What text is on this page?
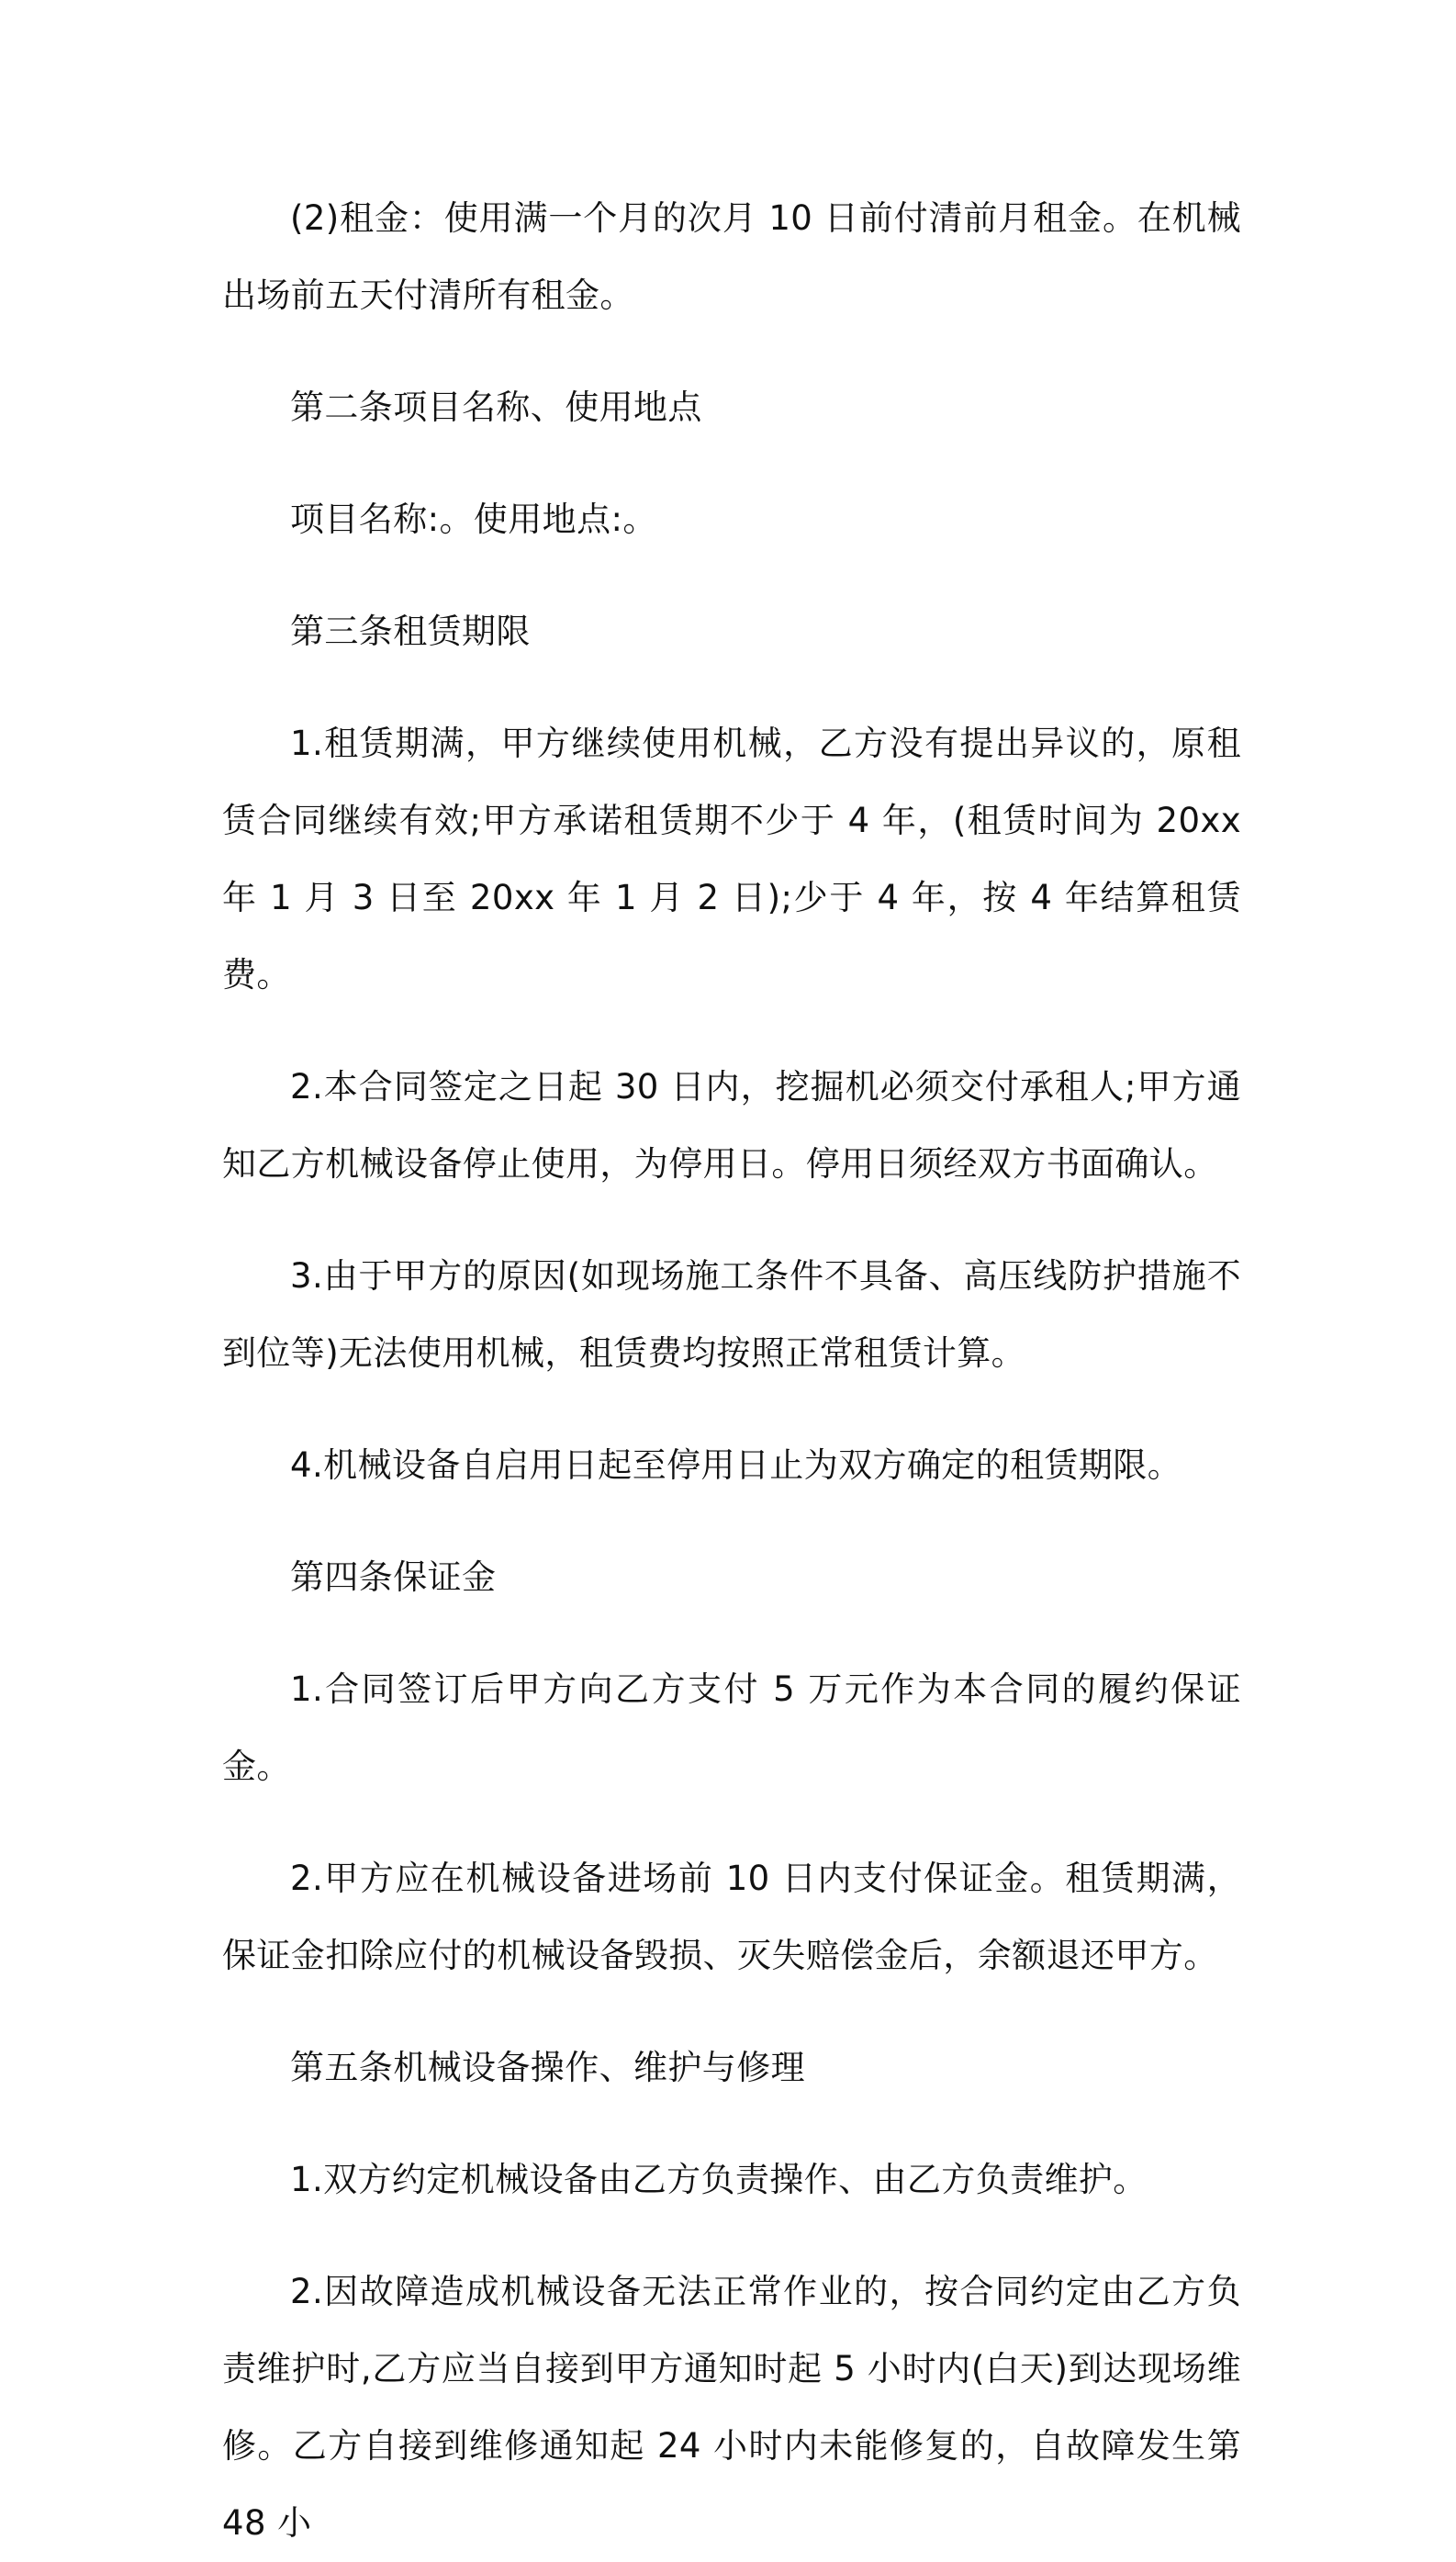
(2)租金：使用满一个月的次月 10 日前付清前月租金。在机械出场前五天付清所有租金。

第二条项目名称、使用地点

项目名称:。使用地点:。

第三条租赁期限

1.租赁期满，甲方继续使用机械，乙方没有提出异议的，原租赁合同继续有效;甲方承诺租赁期不少于 4 年，(租赁时间为 20xx 年 1 月 3 日至 20xx 年 1 月 2 日);少于 4 年，按 4 年结算租赁费。

2.本合同签定之日起 30 日内，挖掘机必须交付承租人;甲方通知乙方机械设备停止使用，为停用日。停用日须经双方书面确认。

3.由于甲方的原因(如现场施工条件不具备、高压线防护措施不到位等)无法使用机械，租赁费均按照正常租赁计算。

4.机械设备自启用日起至停用日止为双方确定的租赁期限。

第四条保证金

1.合同签订后甲方向乙方支付 5 万元作为本合同的履约保证金。

2.甲方应在机械设备进场前 10 日内支付保证金。租赁期满，保证金扣除应付的机械设备毁损、灭失赔偿金后，余额退还甲方。

第五条机械设备操作、维护与修理

1.双方约定机械设备由乙方负责操作、由乙方负责维护。

2.因故障造成机械设备无法正常作业的，按合同约定由乙方负责维护时,乙方应当自接到甲方通知时起 5 小时内(白天)到达现场维修。乙方自接到维修通知起 24 小时内未能修复的，自故障发生第 48 小
